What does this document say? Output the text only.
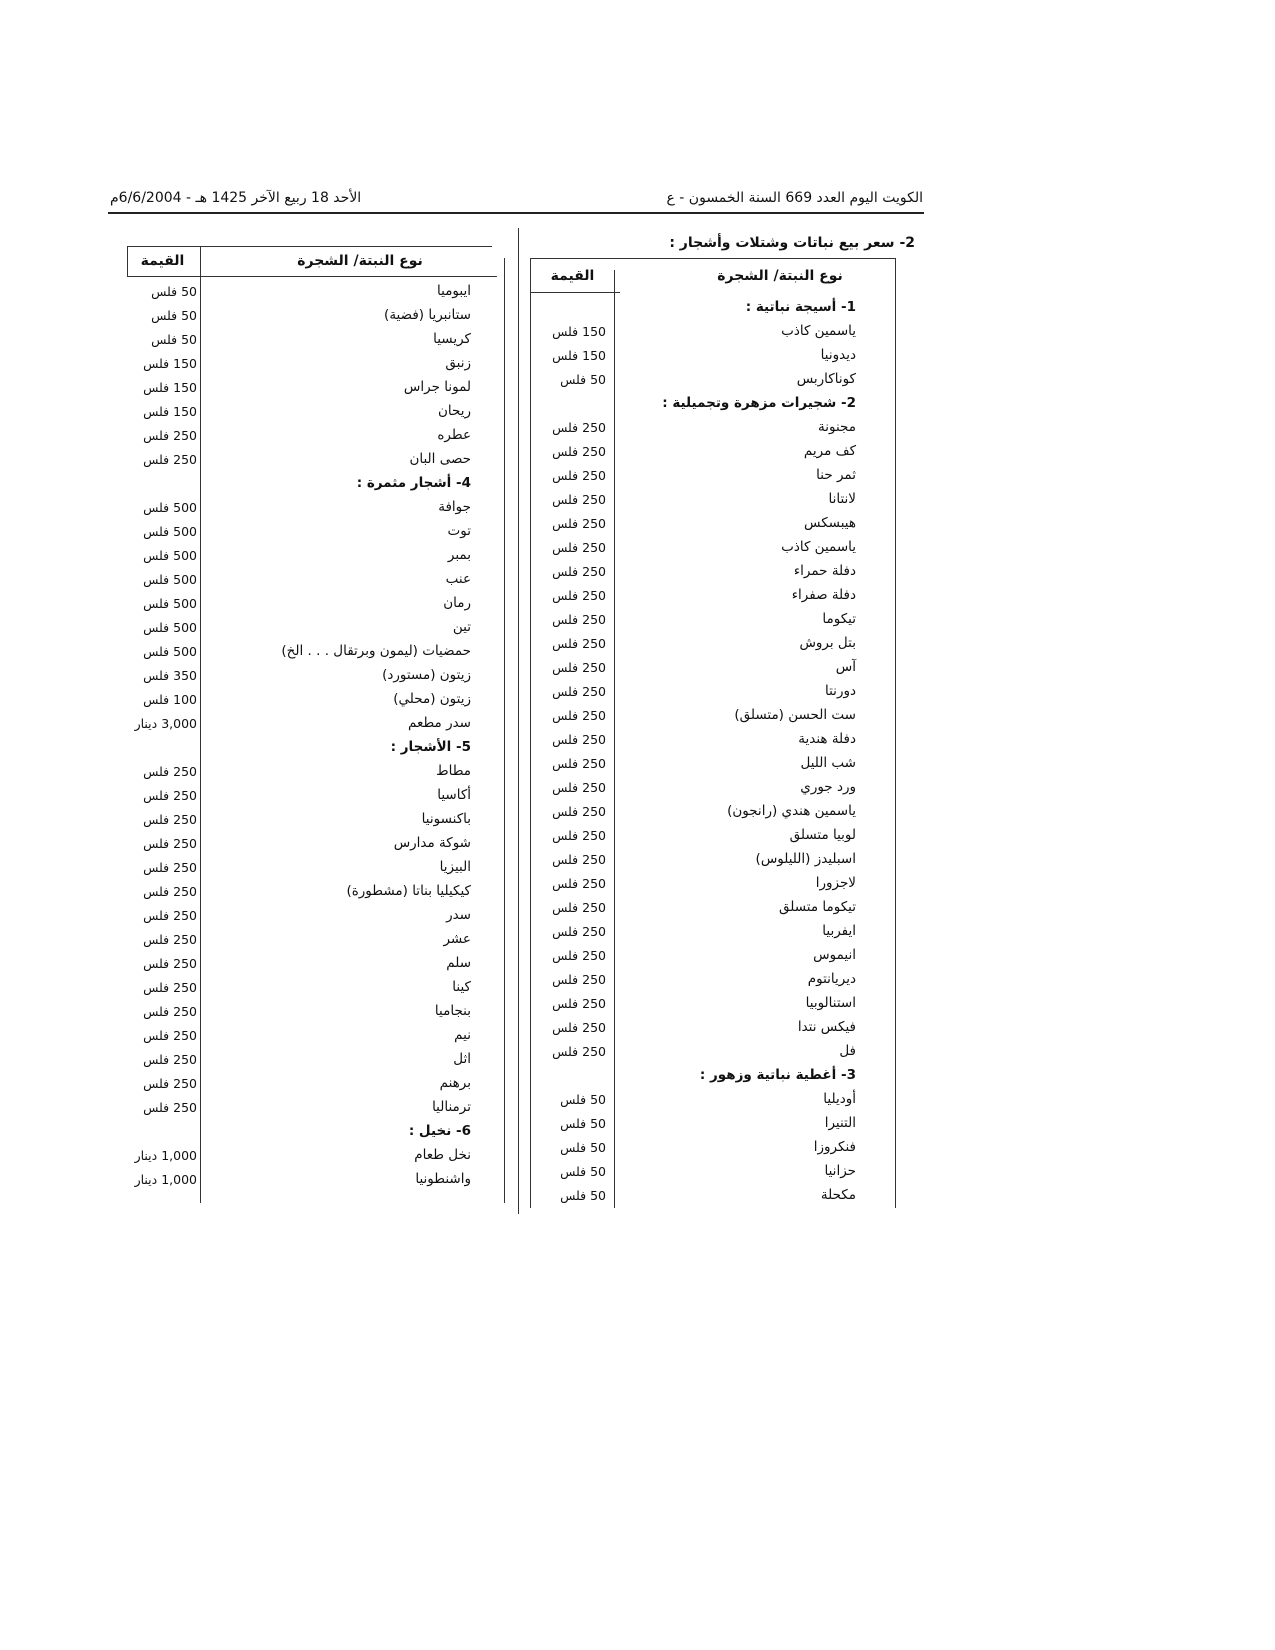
الكويت اليوم العدد 669 السنة الخمسون - ع
الأحد 18 ربيع الآخر 1425 هـ - 6/6/2004م
2- سعر بيع نباتات وشتلات وأشجار :
نوع النبتة/ الشجرة
القيمة
1- أسيجة نباتية :
ياسمين كاذب
150 فلس
ديدونيا
150 فلس
كوناكاربس
50 فلس
2- شجيرات مزهرة وتجميلية :
مجنونة
250 فلس
كف مريم
250 فلس
ثمر حنا
250 فلس
لانتانا
250 فلس
هيبسكس
250 فلس
ياسمين كاذب
250 فلس
دفلة حمراء
250 فلس
دفلة صفراء
250 فلس
تيكوما
250 فلس
بتل بروش
250 فلس
آس
250 فلس
دورنتا
250 فلس
ست الحسن (متسلق)
250 فلس
دفلة هندية
250 فلس
شب الليل
250 فلس
ورد جوري
250 فلس
ياسمين هندي (رانجون)
250 فلس
لوبيا متسلق
250 فلس
اسبليدز (الليلوس)
250 فلس
لاجزورا
250 فلس
تيكوما متسلق
250 فلس
ايفربيا
250 فلس
انيموس
250 فلس
ديريانتوم
250 فلس
استنالوبيا
250 فلس
فيكس نتدا
250 فلس
فل
250 فلس
3- أغطية نباتية وزهور :
أوديليا
50 فلس
التنيرا
50 فلس
فنكروزا
50 فلس
حزانيا
50 فلس
مكحلة
50 فلس
نوع النبتة/ الشجرة
القيمة
ايبوميا
50 فلس
ستانبريا (فضية)
50 فلس
كريسيا
50 فلس
زنبق
150 فلس
لمونا جراس
150 فلس
ريحان
150 فلس
عطره
250 فلس
حصى البان
250 فلس
4- أشجار مثمرة :
جوافة
500 فلس
توت
500 فلس
بمبر
500 فلس
عنب
500 فلس
رمان
500 فلس
تين
500 فلس
حمضيات (ليمون وبرتقال . . . الخ)
500 فلس
زيتون (مستورد)
350 فلس
زيتون (محلي)
100 فلس
سدر مطعم
3,000 دينار
5- الأشجار :
مطاط
250 فلس
أكاسيا
250 فلس
باكنسونيا
250 فلس
شوكة مدارس
250 فلس
البيزيا
250 فلس
كيكيليا بناتا (مشطورة)
250 فلس
سدر
250 فلس
عشر
250 فلس
سلم
250 فلس
كينا
250 فلس
بنجاميا
250 فلس
نيم
250 فلس
اثل
250 فلس
برهنم
250 فلس
ترمناليا
250 فلس
6- نخيل :
نخل طعام
1,000 دينار
واشنطونيا
1,000 دينار
